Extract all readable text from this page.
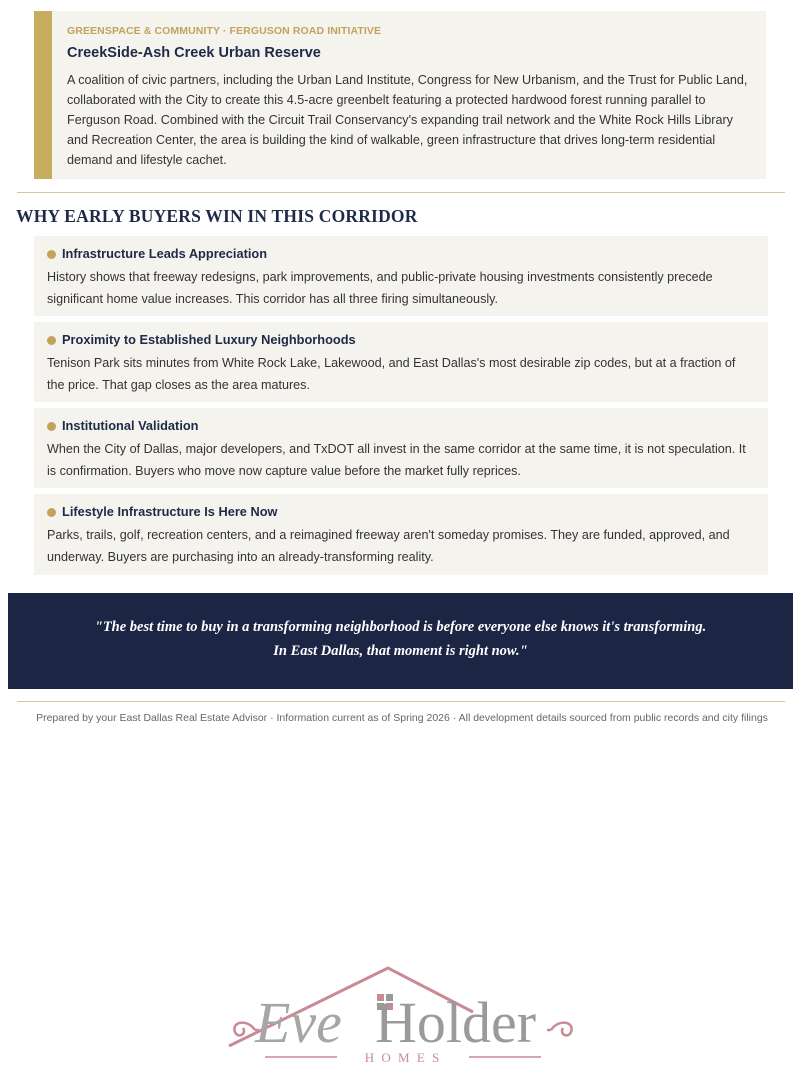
GREENSPACE & COMMUNITY · FERGUSON ROAD INITIATIVE
CreekSide-Ash Creek Urban Reserve
A coalition of civic partners, including the Urban Land Institute, Congress for New Urbanism, and the Trust for Public Land, collaborated with the City to create this 4.5-acre greenbelt featuring a protected hardwood forest running parallel to Ferguson Road. Combined with the Circuit Trail Conservancy's expanding trail network and the White Rock Hills Library and Recreation Center, the area is building the kind of walkable, green infrastructure that drives long-term residential demand and lifestyle cachet.
WHY EARLY BUYERS WIN IN THIS CORRIDOR
Infrastructure Leads Appreciation
History shows that freeway redesigns, park improvements, and public-private housing investments consistently precede significant home value increases. This corridor has all three firing simultaneously.
Proximity to Established Luxury Neighborhoods
Tenison Park sits minutes from White Rock Lake, Lakewood, and East Dallas's most desirable zip codes, but at a fraction of the price. That gap closes as the area matures.
Institutional Validation
When the City of Dallas, major developers, and TxDOT all invest in the same corridor at the same time, it is not speculation. It is confirmation. Buyers who move now capture value before the market fully reprices.
Lifestyle Infrastructure Is Here Now
Parks, trails, golf, recreation centers, and a reimagined freeway aren't someday promises. They are funded, approved, and underway. Buyers are purchasing into an already-transforming reality.
"The best time to buy in a transforming neighborhood is before everyone else knows it's transforming.
In East Dallas, that moment is right now."
Prepared by your East Dallas Real Estate Advisor · Information current as of Spring 2026 · All development details sourced from public records and city filings
Eve Holder
H O M E S
